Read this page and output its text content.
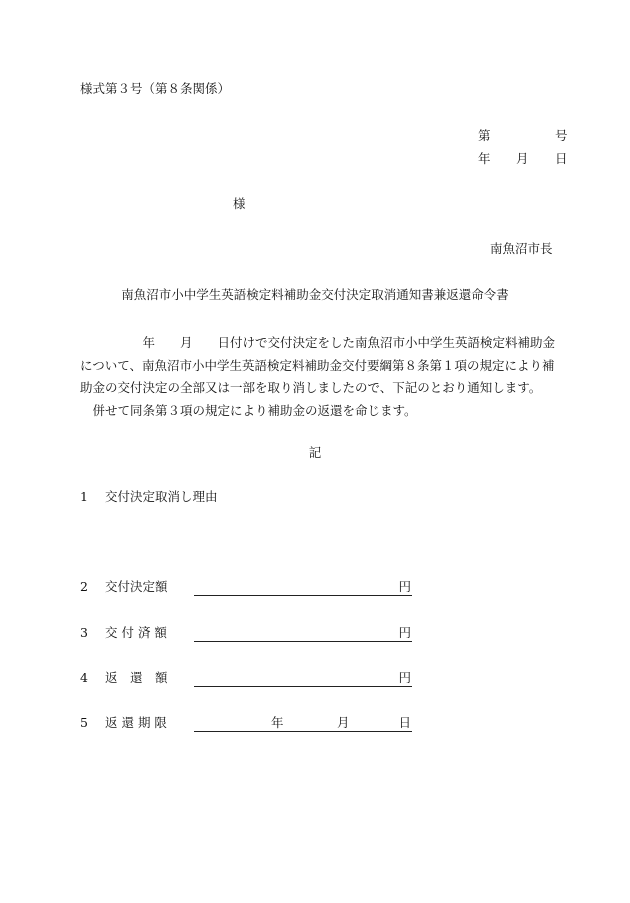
様式第３号（第８条関係）
第	号
年 月 日
様
南魚沼市長
南魚沼市小中学生英語検定料補助金交付決定取消通知書兼返還命令書

　　　　　年　　月　　日付けで交付決定をした南魚沼市小中学生英語検定料補助金

について、南魚沼市小中学生英語検定料補助金交付要綱第８条第１項の規定により補

助金の交付決定の全部又は一部を取り消しましたので、下記のとおり通知します。

　併せて同条第３項の規定により補助金の返還を命じます。

記
1 交付決定取消し理由
2 交付決定額	円
3 交 付 済 額	円
4 返　還　額	円
5 返 還 期 限	年	月	日
